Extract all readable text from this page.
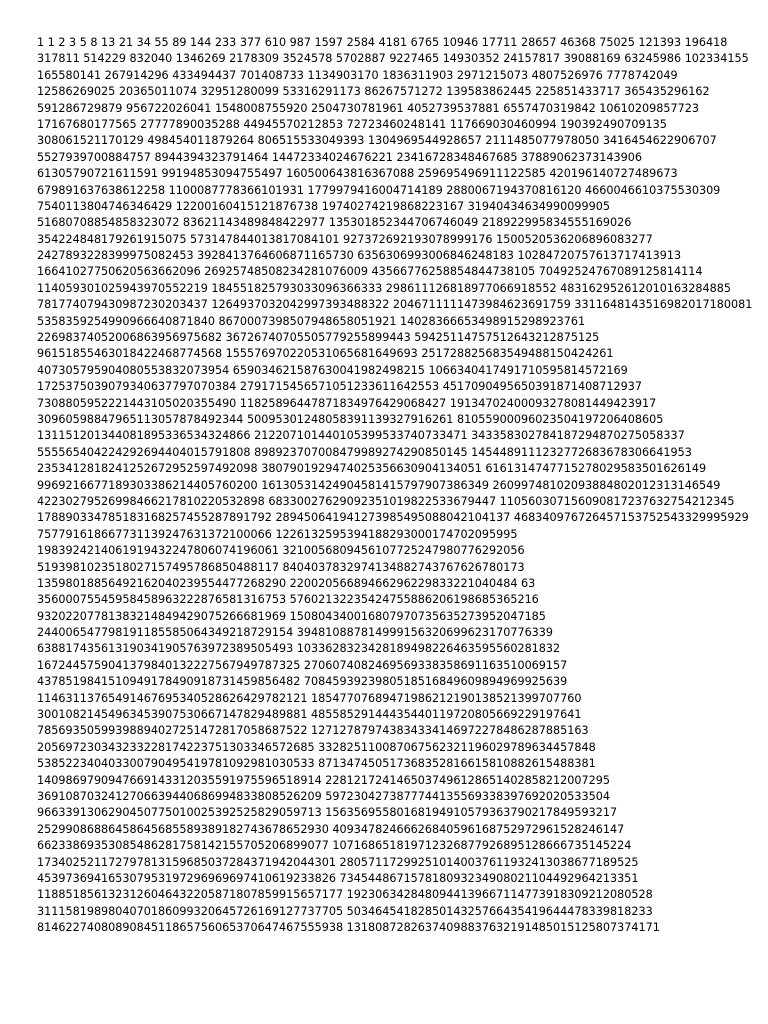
1 1 2 3 5 8 13 21 34 55 89 144 233 377 610 987 1597 2584 4181 6765 10946 17711 28657 46368 75025 121393 196418
317811 514229 832040 1346269 2178309 3524578 5702887 9227465 14930352 24157817 39088169 63245986 102334155
165580141 267914296 433494437 701408733 1134903170 1836311903 2971215073 4807526976 7778742049
12586269025 20365011074 32951280099 53316291173 86267571272 139583862445 225851433717 365435296162
591286729879 956722026041 1548008755920 2504730781961 4052739537881 6557470319842 10610209857723
17167680177565 27777890035288 44945570212853 72723460248141 117669030460994 190392490709135
308061521170129 498454011879264 806515533049393 1304969544928657 2111485077978050 3416454622906707
5527939700884757 8944394323791464 14472334024676221 23416728348467685 37889062373143906
61305790721611591 99194853094755497 160500643816367088 259695496911122585 420196140727489673
679891637638612258 1100087778366101931 1779979416004714189 2880067194370816120 4660046610375530309
7540113804746346429 12200160415121876738 19740274219868223167 31940434634990099905
51680708854858323072 83621143489848422977 135301852344706746049 218922995834555169026
354224848179261915075 573147844013817084101 927372692193078999176 1500520536206896083277
2427893228399975082453 3928413764606871165730 6356306993006846248183 10284720757613717413913
16641027750620563662096 26925748508234281076009 43566776258854844738105 70492524767089125814114
114059301025943970552219 184551825793033096366333 298611126818977066918552 483162952612010163284885
781774079430987230203437 1264937032042997393488322 2046711111473984623691759 3311648143516982017180081
5358359254990966640871840 8670007398507948658051921 14028366653498915298923761
22698374052006863956975682 36726740705505779255899443 59425114757512643212875125
96151855463018422468774568 155576970220531065681649693 251728825683549488150424261
407305795904080553832073954 659034621587630041982498215 1066340417491710595814572169
1725375039079340637797070384 2791715456571051233611642553 4517090495650391871408712937
7308805952221443105020355490 11825896447871834976429068427 19134702400093278081449423917
30960598847965113057878492344 50095301248058391139327916261 81055900096023504197206408605
131151201344081895336534324866 212207101440105399533740733471 343358302784187294870275058337
555565404224292694404015791808 898923707008479989274290850145 1454489111232772683678306641953
2353412818241252672952597492098 3807901929474025356630904134051 6161314747715278029583501626149
9969216677189303386214405760200 16130531424904581415797907386349 26099748102093884802012313146549
42230279526998466217810220532898 68330027629092351019822533679447 110560307156090817237632754212345
178890334785183168257455287891792 289450641941273985495088042104137 468340976726457153752543329995929
757791618667731139247631372100066 1226132595394188293000174702095995
1983924214061919432247806074196061 3210056809456107725247980776292056
5193981023518027157495786850488117 8404037832974134882743767626780173
13598018856492162040239554477268290 22002056689466296229833221040484 63
35600075545958458963222876581316753 57602132235424755886206198685365216
93202207781383214849429075266681969 150804340016807970735635273952047185
244006547798191185585064349218729154 394810887814999156320699623170776339
638817435613190341905763972389505493 1033628323428189498226463595560281832
1672445759041379840132227567949787325 2706074082469569338358691163510069157
4378519841510949178490918731459856482 7084593923980518516849609894969925639
11463113765491467695340528626429782121 18547707689471986212190138521399707760
30010821454963453907530667147829489881 48558529144435440119720805669229197641
78569350599398894027251472817058687522 127127879743834334146972278486287885163
205697230343233228174223751303346572685 332825110087067562321196029789634457848
538522340403300790495419781092981030533 871347450517368352816615810882615488381
1409869790947669143312035591975596518914 2281217241465037496128651402858212007295
3691087032412706639440686994833808526209 5972304273877744135569338397692020533504
9663391306290450775010025392525829059713 15635695580168194910579363790217849593217
25299086886458645685589389182743678652930 40934782466626840596168752972961528246147
66233869353085486281758142155705206899077 107168651819712326877926895128666735145224
173402521172797813159685037284371942044301 280571172992510140037611932413038677189525
453973694165307953197296969697410619233826 734544867157818093234908021104492964213351
1188518561323126046432205871807859915657177 1923063428480944139667114773918309212080528
3111581989804070186099320645726169127737705 5034645418285014325766435419644478339818233
8146227408089084511865756065370647467555938 13180872826374098837632191485015125807374171
